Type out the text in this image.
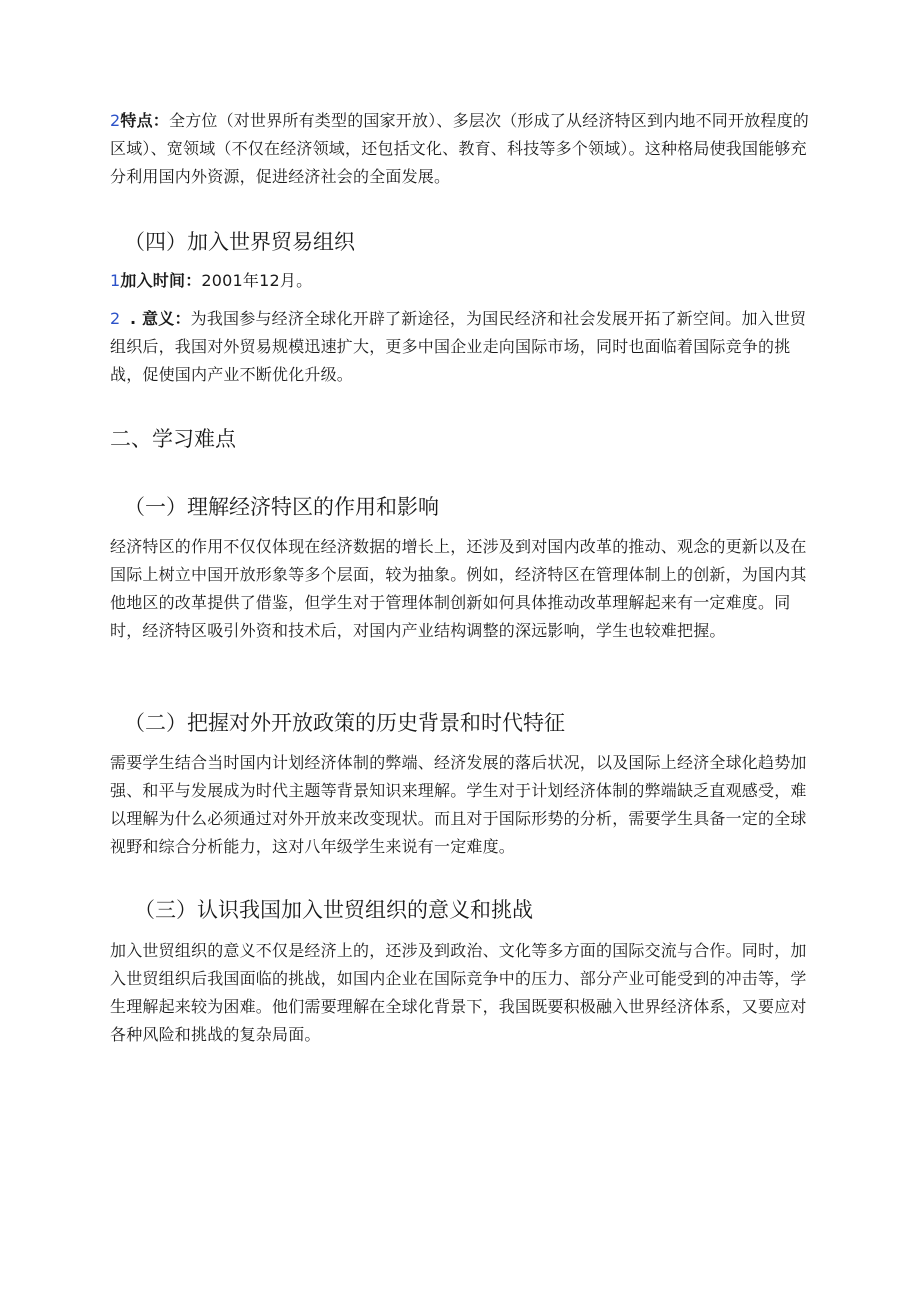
2特点：全方位（对世界所有类型的国家开放）、多层次（形成了从经济特区到内地不同开放程度的区域）、宽领域（不仅在经济领域，还包括文化、教育、科技等多个领域）。这种格局使我国能够充分利用国内外资源，促进经济社会的全面发展。
（四）加入世界贸易组织
1加入时间：2001年12月。
2 . 意义：为我国参与经济全球化开辟了新途径，为国民经济和社会发展开拓了新空间。加入世贸组织后，我国对外贸易规模迅速扩大，更多中国企业走向国际市场，同时也面临着国际竞争的挑战，促使国内产业不断优化升级。
二、学习难点
（一）理解经济特区的作用和影响
经济特区的作用不仅仅体现在经济数据的增长上，还涉及到对国内改革的推动、观念的更新以及在国际上树立中国开放形象等多个层面，较为抽象。例如，经济特区在管理体制上的创新，为国内其他地区的改革提供了借鉴，但学生对于管理体制创新如何具体推动改革理解起来有一定难度。同时，经济特区吸引外资和技术后，对国内产业结构调整的深远影响，学生也较难把握。
（二）把握对外开放政策的历史背景和时代特征
需要学生结合当时国内计划经济体制的弊端、经济发展的落后状况，以及国际上经济全球化趋势加强、和平与发展成为时代主题等背景知识来理解。学生对于计划经济体制的弊端缺乏直观感受，难以理解为什么必须通过对外开放来改变现状。而且对于国际形势的分析，需要学生具备一定的全球视野和综合分析能力，这对八年级学生来说有一定难度。
（三）认识我国加入世贸组织的意义和挑战
加入世贸组织的意义不仅是经济上的，还涉及到政治、文化等多方面的国际交流与合作。同时，加入世贸组织后我国面临的挑战，如国内企业在国际竞争中的压力、部分产业可能受到的冲击等，学生理解起来较为困难。他们需要理解在全球化背景下，我国既要积极融入世界经济体系，又要应对各种风险和挑战的复杂局面。
